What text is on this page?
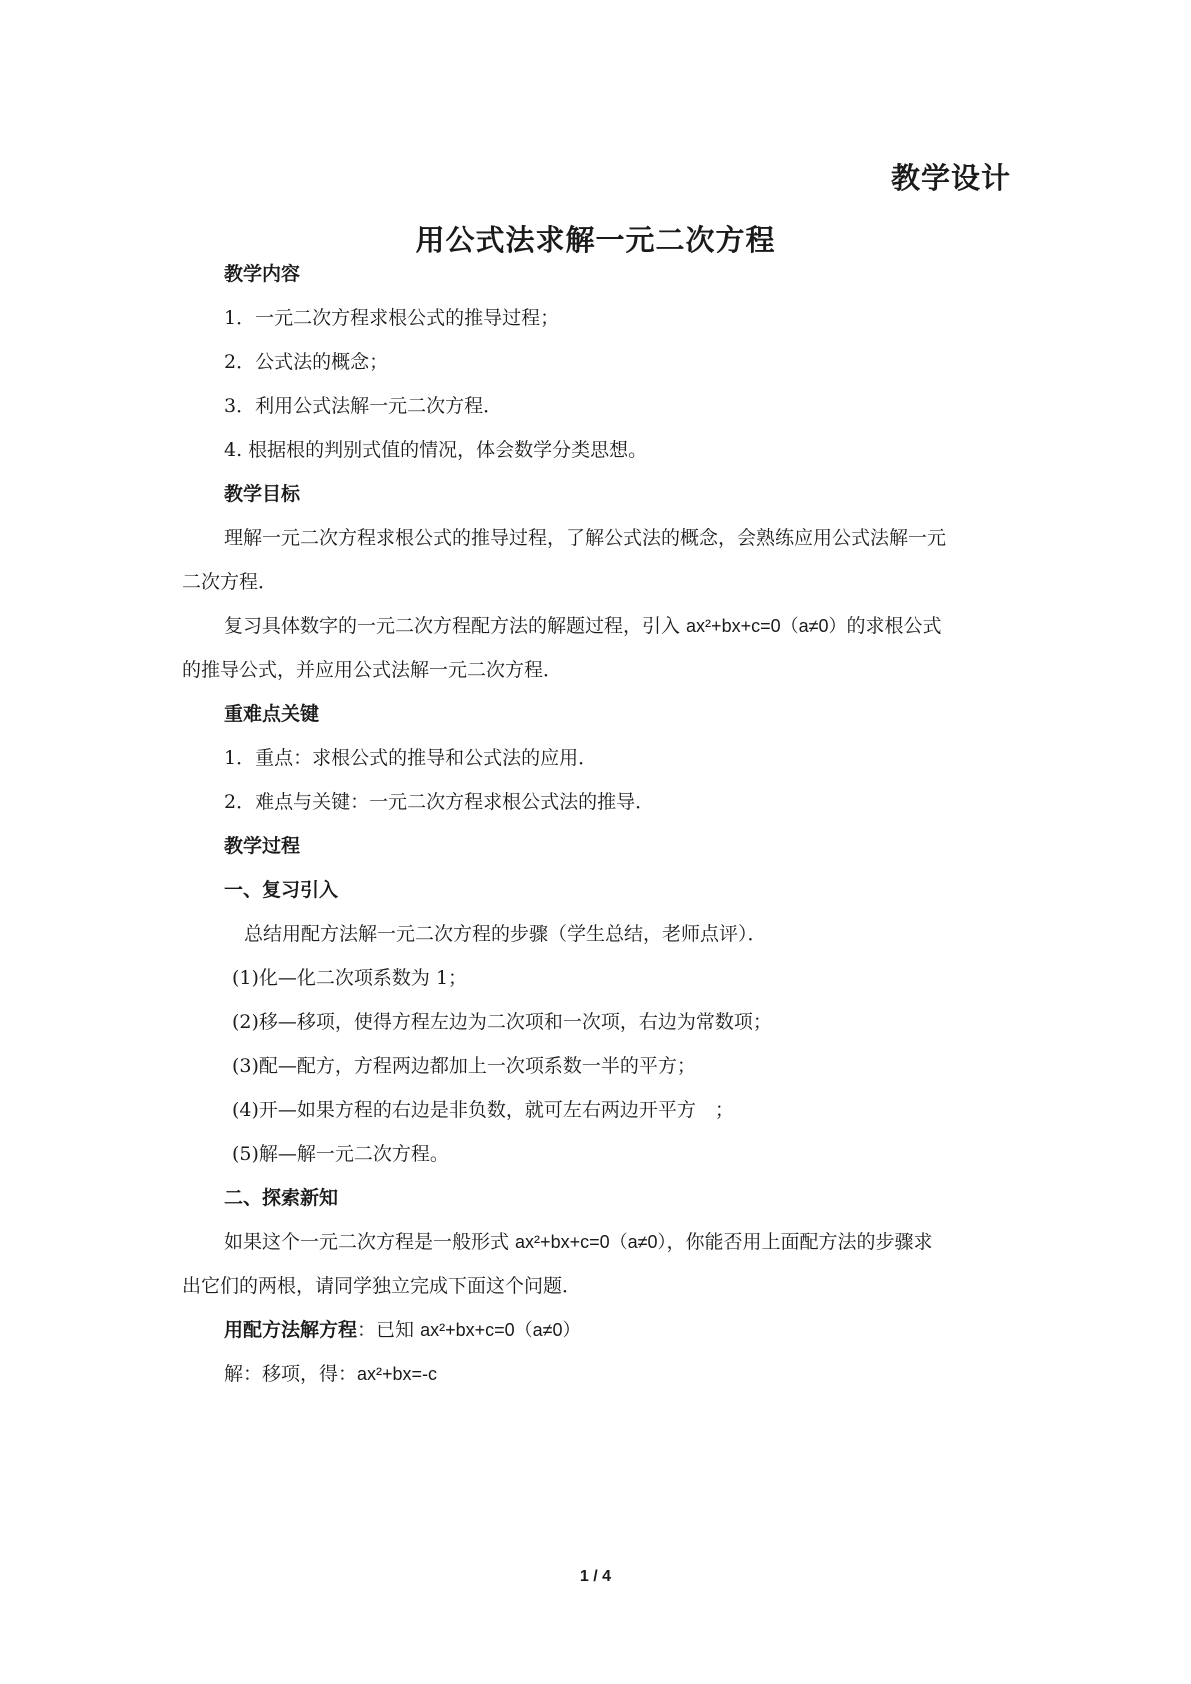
教学设计
用公式法求解一元二次方程
教学内容
1．一元二次方程求根公式的推导过程；
2．公式法的概念；
3．利用公式法解一元二次方程．
4. 根据根的判别式值的情况，体会数学分类思想。
教学目标
理解一元二次方程求根公式的推导过程，了解公式法的概念，会熟练应用公式法解一元
二次方程．
复习具体数字的一元二次方程配方法的解题过程，引入 ax²+bx+c=0（a≠0）的求根公式
的推导公式，并应用公式法解一元二次方程．
重难点关键
1．重点：求根公式的推导和公式法的应用．
2．难点与关键：一元二次方程求根公式法的推导．
教学过程
一、复习引入
总结用配方法解一元二次方程的步骤（学生总结，老师点评）．
(1)化—化二次项系数为 1；
(2)移—移项，使得方程左边为二次项和一次项，右边为常数项；
(3)配—配方，方程两边都加上一次项系数一半的平方；
(4)开—如果方程的右边是非负数，就可左右两边开平方　；
(5)解—解一元二次方程。
二、探索新知
如果这个一元二次方程是一般形式 ax²+bx+c=0（a≠0），你能否用上面配方法的步骤求
出它们的两根，请同学独立完成下面这个问题．
用配方法解方程：已知 ax²+bx+c=0（a≠0）
解：移项，得：ax²+bx=-c
1 / 4
